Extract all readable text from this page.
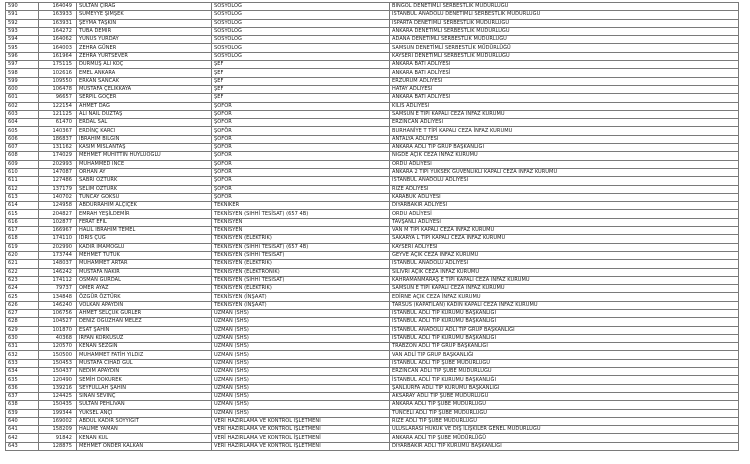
590	164049	SULTAN ÇIRAĞ	SOSYOLOG	BİNGÖL DENETİMLİ SERBESTLİK MÜDÜRLÜĞÜ
591	163933	SÜMEYYE ŞİMŞEK	SOSYOLOG	İSTANBUL ANADOLU DENETİMLİ SERBESTLİK MÜDÜRLÜĞÜ
592	163931	ŞEYMA TAŞKIN	SOSYOLOG	İSPARTA DENETİMLİ SERBESTLİK MÜDÜRLÜĞÜ
593	164272	TUBA DEMİR	SOSYOLOG	ANKARA DENETİMLİ SERBESTLİK MÜDÜRLÜĞÜ
594	164062	YUNUS YURDAY	SOSYOLOG	ADANA DENETİMLİ SERBESTLİK MÜDÜRLÜĞÜ
595	164003	ZEHRA GÜNER	SOSYOLOG	SAMSUN DENETİMLİ SERBESTLİK MÜDÜRLÜĞÜ
596	161964	ZEHRA YURTSEVER	SOSYOLOG	KAYSERİ DENETİMLİ SERBESTLİK MÜDÜRLÜĞÜ
597	175115	DURMUŞ ALİ KOÇ	ŞEF	ANKARA BATI ADLİYESİ
598	102616	EMEL ANKARA	ŞEF	ANKARA BATI ADLİYESİ
599	109550	ERKAN SANCAK	ŞEF	ERZURUM ADLİYESİ
600	106478	MUSTAFA ÇELİKKAYA	ŞEF	HATAY ADLİYESİ
601	96657	SERPİL GÖÇER	ŞEF	ANKARA BATI ADLİYESİ
602	122154	AHMET DAĞ	ŞOFÖR	KİLİS ADLİYESİ
603	121125	ALİ NAİL DÜZTAŞ	ŞOFÖR	SAMSUN E TİPİ KAPALI CEZA İNFAZ KURUMU
604	61470	ERDAL SAL	ŞOFÖR	ERZİNCAN ADLİYESİ
605	140367	ERDİNÇ KARCI	ŞOFÖR	BURHANİYE T TİPİ KAPALI CEZA İNFAZ KURUMU
606	186837	İBRAHİM BİLGİN	ŞOFÖR	ANTALYA ADLİYESİ
607	131162	KASIM MISLANTAŞ	ŞOFÖR	ANKARA ADLİ TIP GRUP BAŞKANLIĞI
608	174029	MEHMET MUHİTTİN HUYLUOĞLU	ŞOFÖR	NİĞDE AÇIK CEZA İNFAZ KURUMU
609	202993	MUHAMMED İNCE	ŞOFÖR	ORDU ADLİYESİ
610	147087	ORHAN AY	ŞOFÖR	ANKARA 2 TİPİ YÜKSEK GÜVENLİKLİ KAPALI CEZA İNFAZ KURUMU
611	127486	SABRİ ÖZTÜRK	ŞOFÖR	İSTANBUL ANADOLU ADLİYESİ
612	137179	SELİM ÖZTÜRK	ŞOFÖR	RİZE ADLİYESİ
613	140702	TUNCAY GÖKSU	ŞOFÖR	KARABÜK ADLİYESİ
614	124958	ABDURRAHİM ALÇİÇEK	TEKNİKER	DİYARBAKIR ADLİYESİ
615	204827	EMRAH YEŞİLDEMİR	TEKNİSYEN (SIHHİ TESİSAT) (657 4B)	ORDU ADLİYESİ
616	102877	FERAT EFİL	TEKNİSYEN	TAVŞANLI ADLİYESİ
617	166967	HALİL İBRAHİM TEMEL	TEKNİSYEN	VAN M TİPİ KAPALI CEZA İNFAZ KURUMU
618	174110	İDRİS ÇUĞ	TEKNİSYEN (ELEKTRİK)	SAKARYA L TİPİ KAPALI CEZA İNFAZ KURUMU
619	202990	KADİR İMAMOĞLU	TEKNİSYEN (SIHHİ TESİSAT) (657 4B)	KAYSERİ ADLİYESİ
620	173744	MEHMET TUTUK	TEKNİSYEN (SIHHİ TESİSAT)	GEYVE AÇIK CEZA İNFAZ KURUMU
621	148037	MUHAMMET ARTAR	TEKNİSYEN (ELEKTRİK)	İSTANBUL ANADOLU ADLİYESİ
622	146242	MUSTAFA NAKIR	TEKNİSYEN (ELEKTRONİK)	SİLİVRİ AÇIK CEZA İNFAZ KURUMU
623	174112	OSMAN GÜRDAL	TEKNİSYEN (SIHHİ TESİSAT)	KAHRAMANMARAŞ E TİPİ KAPALI CEZA İNFAZ KURUMU
624	79737	ÖMER AYAZ	TEKNİSYEN (ELEKTRİK)	SAMSUN E TİPİ KAPALI CEZA İNFAZ KURUMU
625	134848	ÖZGÜR ÖZTÜRK	TEKNİSYEN (İNŞAAT)	EDİRNE AÇIK CEZA İNFAZ KURUMU
626	146240	VOLKAN APAYDIN	TEKNİSYEN (İNŞAAT)	TARSUS (KAPATILAN) KADIN KAPALI CEZA İNFAZ KURUMU
627	106756	AHMET SELÇUK GÜRLER	UZMAN (SHS)	İSTANBUL ADLİ TIP KURUMU BAŞKANLIĞI
628	104527	DENİZ OĞUZHAN MELEZ	UZMAN (SHS)	İSTANBUL ADLİ TIP KURUMU BAŞKANLIĞI
629	101870	ESAT ŞAHİN	UZMAN (SHS)	İSTANBUL ANADOLU ADLİ TIP GRUP BAŞKANLIĞI
630	40368	İRFAN KORKUSUZ	UZMAN (SHS)	İSTANBUL ADLİ TIP KURUMU BAŞKANLIĞI
631	120570	KENAN SEZGİN	UZMAN (SHS)	TRABZON ADLİ TIP GRUP BAŞKANLIĞI
632	150500	MUHAMMET FATİH YILDIZ	UZMAN (SHS)	VAN ADLİ TIP GRUP BAŞKANLIĞI
633	150453	MUSTAFA CİHAD GÜL	UZMAN (SHS)	İSTANBUL ADLİ TIP ŞUBE MÜDÜRLÜĞÜ
634	150437	NEDİM APAYDIN	UZMAN (SHS)	ERZİNCAN ADLİ TIP ŞUBE MÜDÜRLÜĞÜ
635	120490	SEMİH DOKUREK	UZMAN (SHS)	İSTANBUL ADLİ TIP KURUMU BAŞKANLIĞI
636	139216	SEYFULLAH ŞAHİN	UZMAN (SHS)	ŞANLIURFA ADLİ TIP KURUMU BAŞKANLIĞI
637	124425	SİNAN SEVİNÇ	UZMAN (SHS)	AKSARAY ADLİ TIP ŞUBE MÜDÜRLÜĞÜ
638	150435	SULTAN PEHLİVAN	UZMAN (SHS)	ANKARA ADLİ TIP ŞUBE MÜDÜRLÜĞÜ
639	199344	YÜKSEL ANÇİ	UZMAN (SHS)	TUNCELİ ADLİ TIP ŞUBE MÜDÜRLÜĞÜ
640	169002	ABDUL KADİR SOYYİĞİT	VERİ HAZIRLAMA VE KONTROL İŞLETMENİ	RİZE ADLİ TIP ŞUBE MÜDÜRLÜĞÜ
641	158209	HALİME YAMAN	VERİ HAZIRLAMA VE KONTROL İŞLETMENİ	ULUSLARASI HUKUK VE DIŞ İLİŞKİLER GENEL MÜDÜRLÜĞÜ
642	91842	KENAN KUL	VERİ HAZIRLAMA VE KONTROL İŞLETMENİ	ANKARA ADLİ TIP ŞUBE MÜDÜRLÜĞÜ
643	128875	MEHMET ÖNDER KALKAN	VERİ HAZIRLAMA VE KONTROL İŞLETMENİ	DİYARBAKIR ADLİ TIP KURUMU BAŞKANLIĞI
